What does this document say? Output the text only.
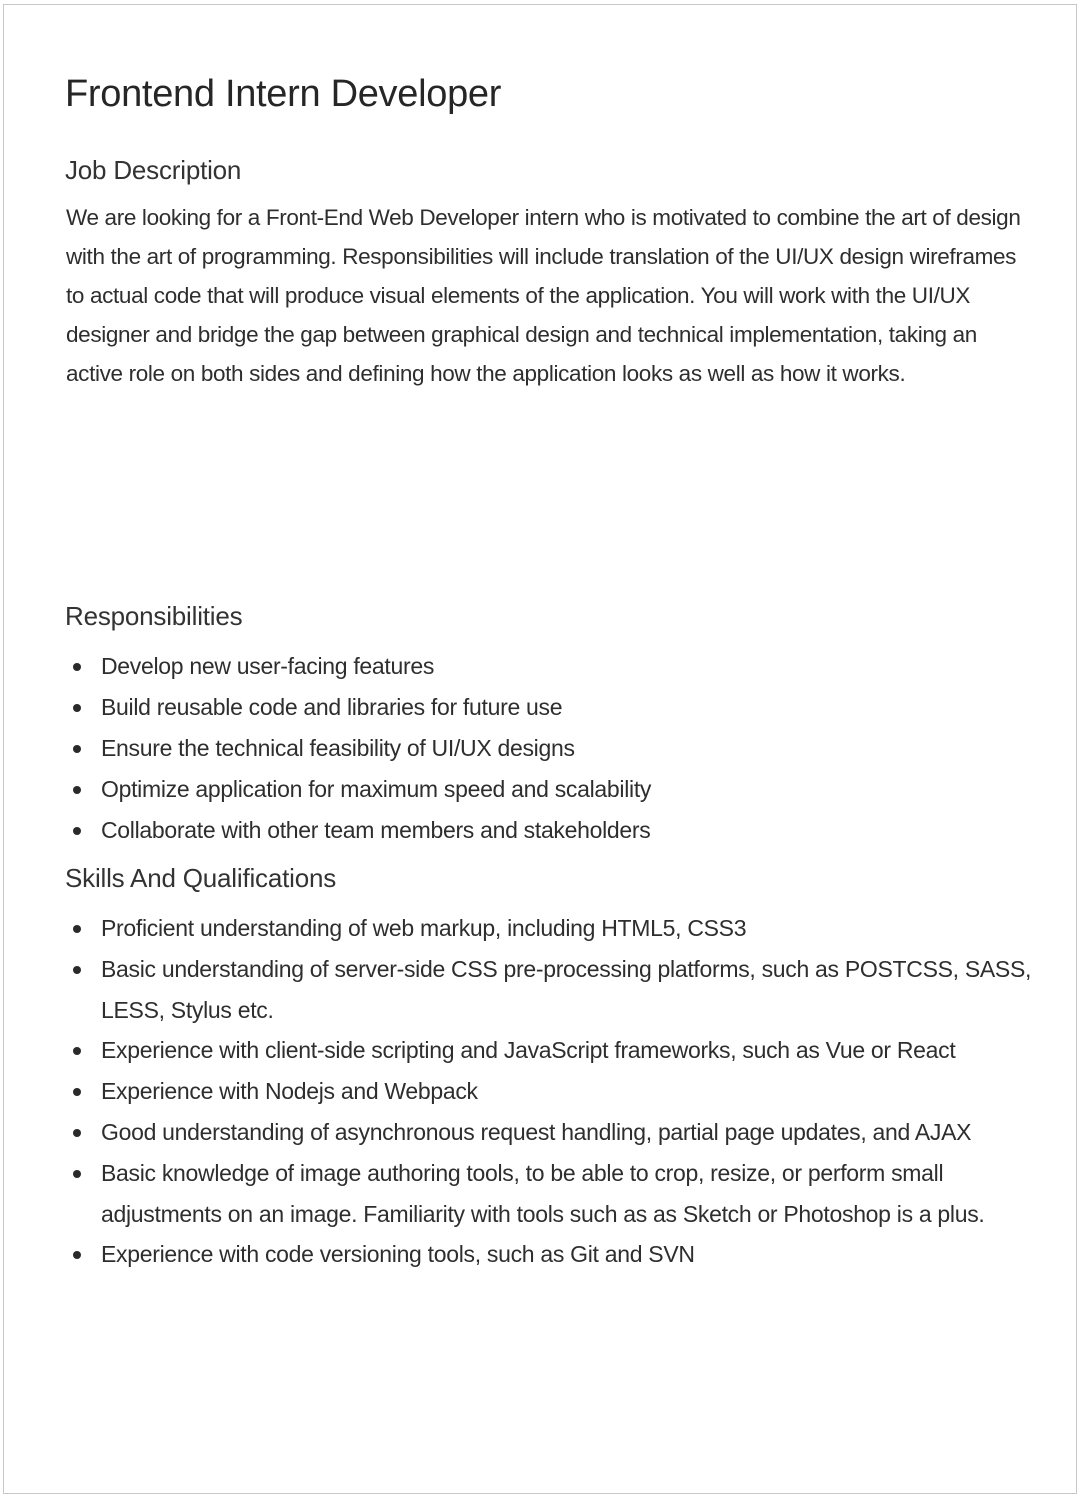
Frontend Intern Developer
Job Description

We are looking for a Front-End Web Developer intern who is motivated to combine the art of design with the art of programming. Responsibilities will include translation of the UI/UX design wireframes to actual code that will produce visual elements of the application. You will work with the UI/UX designer and bridge the gap between graphical design and technical implementation, taking an active role on both sides and defining how the application looks as well as how it works.

Responsibilities
Develop new user-facing features
Build reusable code and libraries for future use
Ensure the technical feasibility of UI/UX designs
Optimize application for maximum speed and scalability
Collaborate with other team members and stakeholders
Skills And Qualifications
Proficient understanding of web markup, including HTML5, CSS3
Basic understanding of server-side CSS pre-processing platforms, such as POSTCSS, SASS, LESS, Stylus etc.
Experience with client-side scripting and JavaScript frameworks, such as Vue or React
Experience with Nodejs and Webpack
Good understanding of asynchronous request handling, partial page updates, and AJAX
Basic knowledge of image authoring tools, to be able to crop, resize, or perform small adjustments on an image. Familiarity with tools such as as Sketch or Photoshop is a plus.
Experience with code versioning tools, such as Git and SVN
